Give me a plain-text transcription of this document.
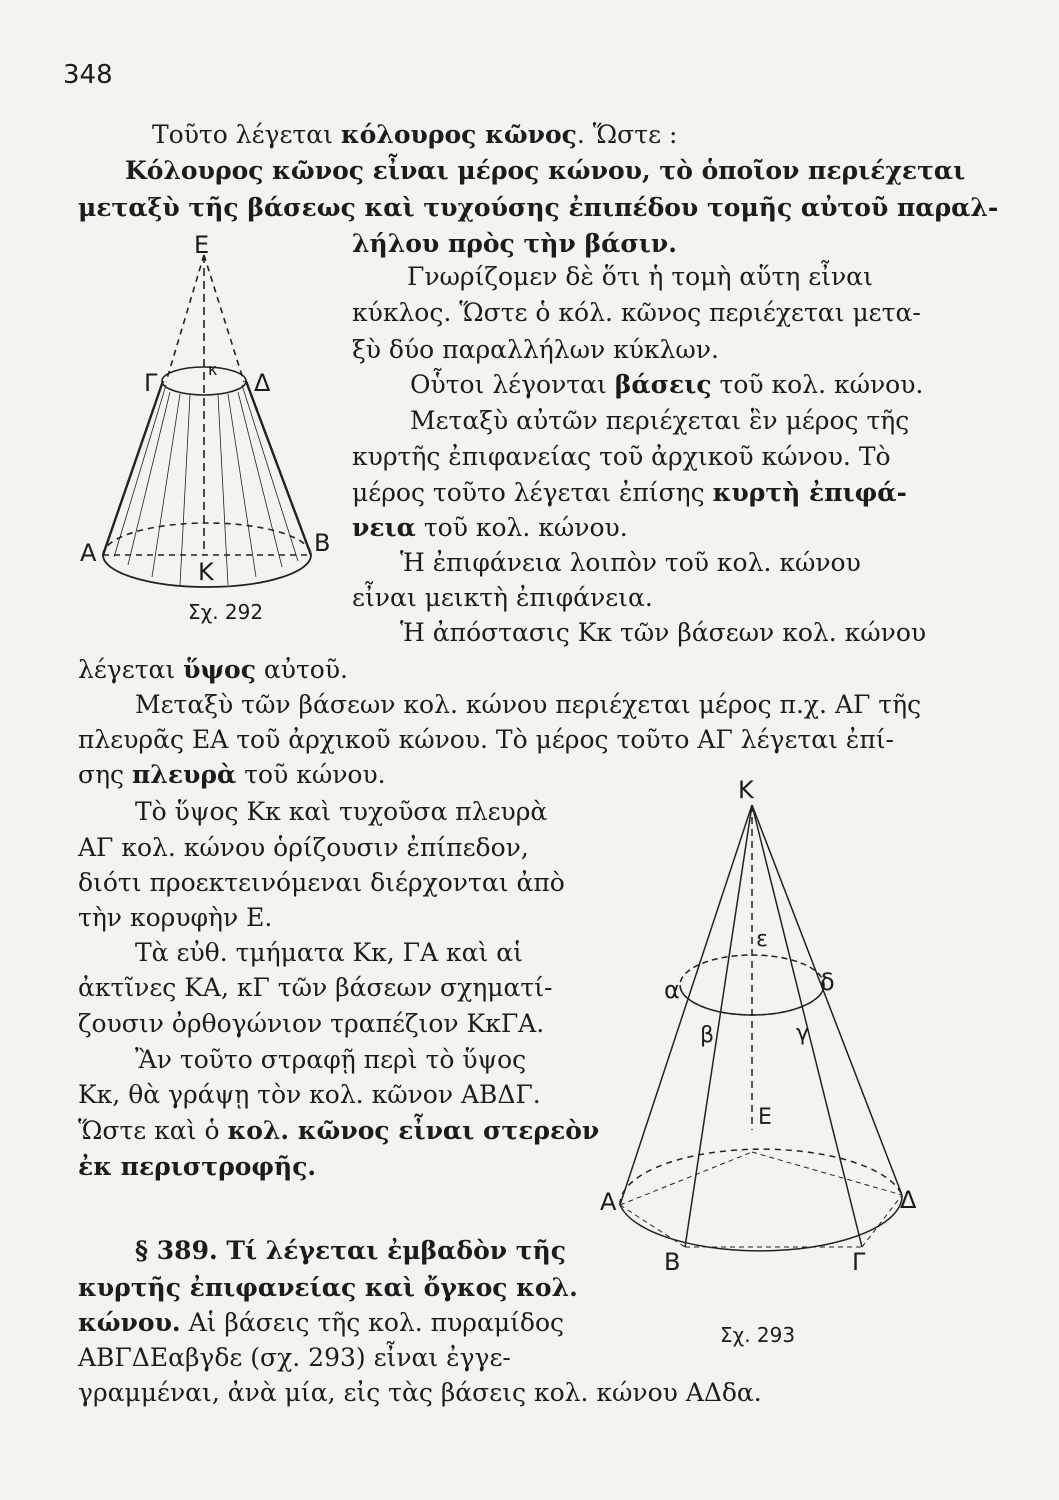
348
Τοῦτο λέγεται κόλουρος κῶνος. Ὥστε :
Κόλουρος κῶνος εἶναι μέρος κώνου, τὸ ὁποῖον περιέχεται
μεταξὺ τῆς βάσεως καὶ τυχούσης ἐπιπέδου τομῆς αὐτοῦ παραλ-
λήλου πρὸς τὴν βάσιν.
Γνωρίζομεν δὲ ὅτι ἡ τομὴ αὕτη εἶναι
κύκλος. Ὥστε ὁ κόλ. κῶνος περιέχεται μετα-
ξὺ δύο παραλλήλων κύκλων.
Οὗτοι λέγονται βάσεις τοῦ κολ. κώνου.
Μεταξὺ αὐτῶν περιέχεται ἓν μέρος τῆς
κυρτῆς ἐπιφανείας τοῦ ἀρχικοῦ κώνου. Τὸ
μέρος τοῦτο λέγεται ἐπίσης κυρτὴ ἐπιφά-
νεια τοῦ κολ. κώνου.
Ἡ ἐπιφάνεια λοιπὸν τοῦ κολ. κώνου
εἶναι μεικτὴ ἐπιφάνεια.
Ἡ ἀπόστασις Κκ τῶν βάσεων κολ. κώνου
λέγεται ὕψος αὐτοῦ.
Μεταξὺ τῶν βάσεων κολ. κώνου περιέχεται μέρος π.χ. ΑΓ τῆς
πλευρᾶς ΕΑ τοῦ ἀρχικοῦ κώνου. Τὸ μέρος τοῦτο ΑΓ λέγεται ἐπί-
σης πλευρὰ τοῦ κώνου.
Τὸ ὕψος Κκ καὶ τυχοῦσα πλευρὰ
ΑΓ κολ. κώνου ὁρίζουσιν ἐπίπεδον,
διότι προεκτεινόμεναι διέρχονται ἀπὸ
τὴν κορυφὴν Ε.
Τὰ εὐθ. τμήματα Κκ, ΓΑ καὶ αἱ
ἀκτῖνες ΚΑ, κΓ τῶν βάσεων σχηματί-
ζουσιν ὀρθογώνιον τραπέζιον ΚκΓΑ.
Ἂν τοῦτο στραφῇ περὶ τὸ ὕψος
Κκ, θὰ γράψῃ τὸν κολ. κῶνον ΑΒΔΓ.
Ὥστε καὶ ὁ κολ. κῶνος εἶναι στερεὸν
ἐκ περιστροφῆς.
§ 389. Τί λέγεται ἐμβαδὸν τῆς
κυρτῆς ἐπιφανείας καὶ ὄγκος κολ.
κώνου. Αἱ βάσεις τῆς κολ. πυραμίδος
ΑΒΓΔΕαβγδε (σχ. 293) εἶναι ἐγγε-
γραμμέναι, ἀνὰ μία, εἰς τὰς βάσεις κολ. κώνου ΑΔδα.
Ε
Γ	Δ
κ
Α
Κ
Β
Σχ. 292
Κ
ε
α	δ
β	γ
Ε
Α	Δ
Β	Γ
Σχ. 293
